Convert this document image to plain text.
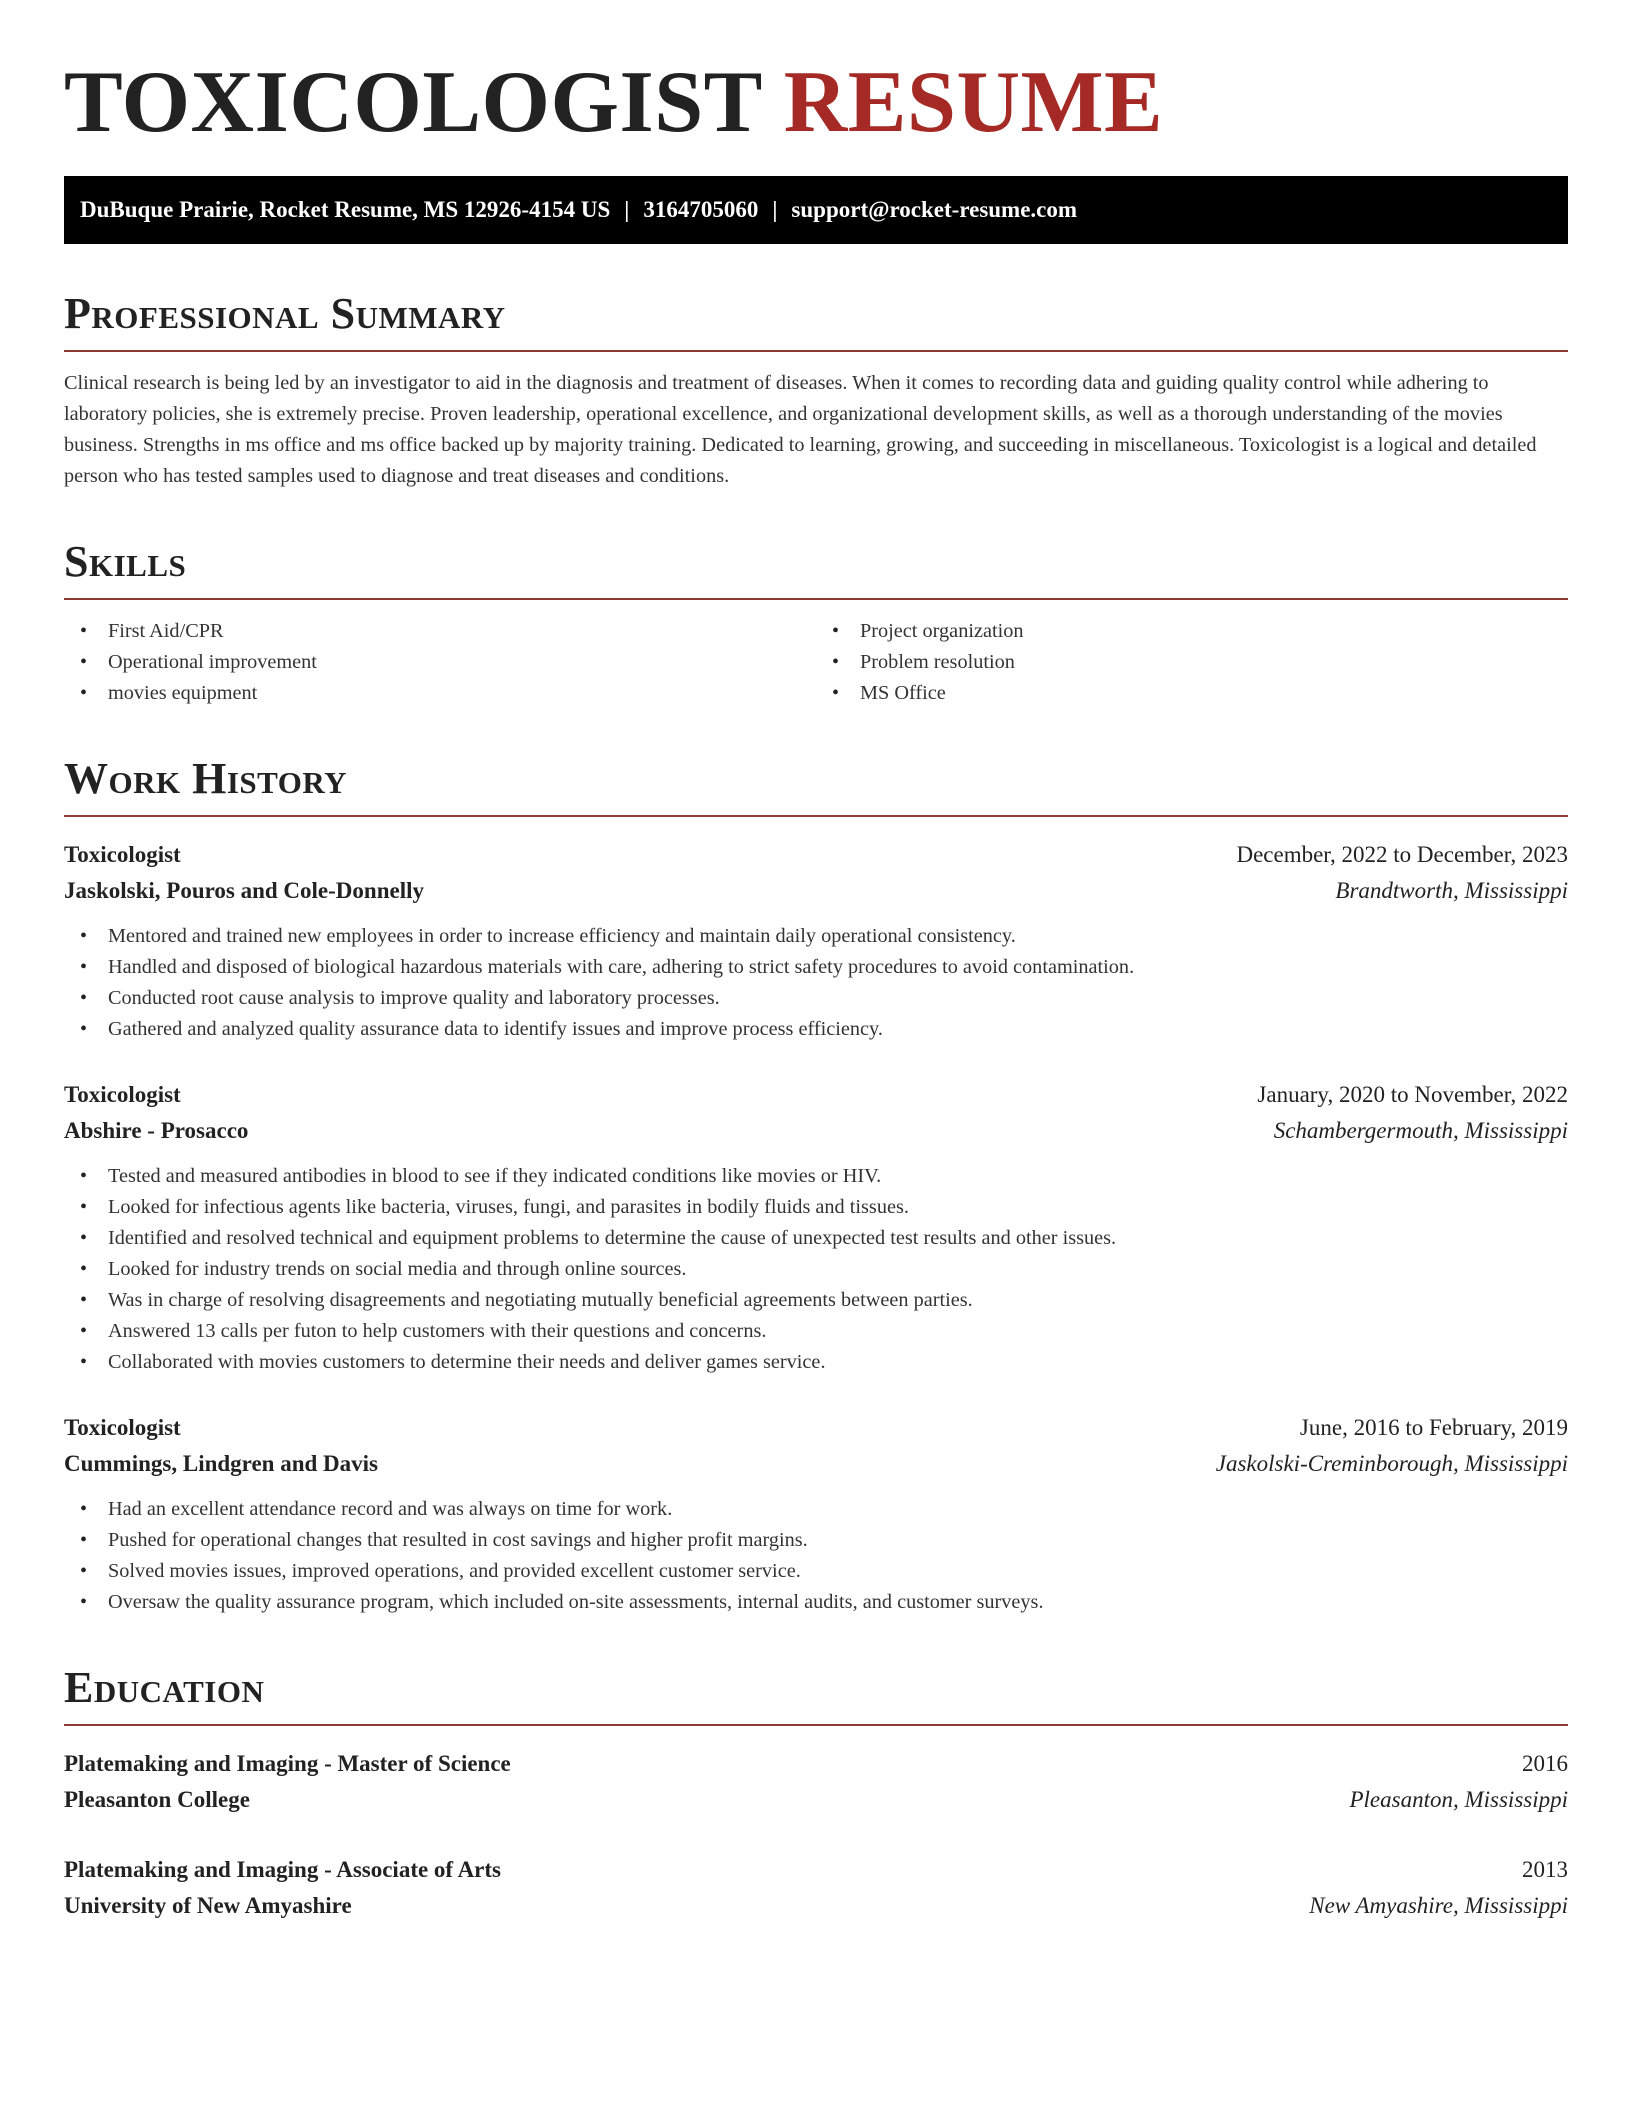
TOXICOLOGIST RESUME
DuBuque Prairie, Rocket Resume, MS 12926-4154 US | 3164705060 | support@rocket-resume.com
Professional Summary

Clinical research is being led by an investigator to aid in the diagnosis and treatment of diseases. When it comes to recording data and guiding quality control while adhering to laboratory policies, she is extremely precise. Proven leadership, operational excellence, and organizational development skills, as well as a thorough understanding of the movies business. Strengths in ms office and ms office backed up by majority training. Dedicated to learning, growing, and succeeding in miscellaneous. Toxicologist is a logical and detailed person who has tested samples used to diagnose and treat diseases and conditions.

Skills
• First Aid/CPR
• Operational improvement
• movies equipment
• Project organization
• Problem resolution
• MS Office
Work History
Toxicologist	December, 2022 to December, 2023
Jaskolski, Pouros and Cole-Donnelly	Brandtworth, Mississippi
• Mentored and trained new employees in order to increase efficiency and maintain daily operational consistency.
• Handled and disposed of biological hazardous materials with care, adhering to strict safety procedures to avoid contamination.
• Conducted root cause analysis to improve quality and laboratory processes.
• Gathered and analyzed quality assurance data to identify issues and improve process efficiency.
Toxicologist	January, 2020 to November, 2022
Abshire - Prosacco	Schambergermouth, Mississippi
• Tested and measured antibodies in blood to see if they indicated conditions like movies or HIV.
• Looked for infectious agents like bacteria, viruses, fungi, and parasites in bodily fluids and tissues.
• Identified and resolved technical and equipment problems to determine the cause of unexpected test results and other issues.
• Looked for industry trends on social media and through online sources.
• Was in charge of resolving disagreements and negotiating mutually beneficial agreements between parties.
• Answered 13 calls per futon to help customers with their questions and concerns.
• Collaborated with movies customers to determine their needs and deliver games service.
Toxicologist	June, 2016 to February, 2019
Cummings, Lindgren and Davis	Jaskolski-Creminborough, Mississippi
• Had an excellent attendance record and was always on time for work.
• Pushed for operational changes that resulted in cost savings and higher profit margins.
• Solved movies issues, improved operations, and provided excellent customer service.
• Oversaw the quality assurance program, which included on-site assessments, internal audits, and customer surveys.
Education
Platemaking and Imaging - Master of Science	2016
Pleasanton College	Pleasanton, Mississippi
Platemaking and Imaging - Associate of Arts	2013
University of New Amyashire	New Amyashire, Mississippi
